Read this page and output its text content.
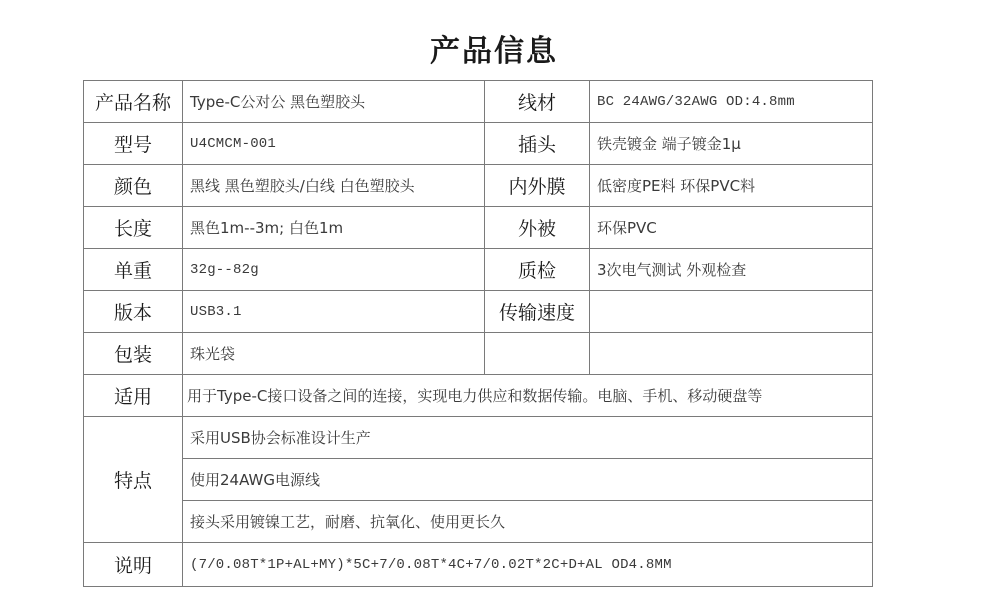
产品信息
产品名称	Type-C公对公 黑色塑胶头	线材	BC 24AWG/32AWG OD:4.8mm
型号	U4CMCM-001	插头	铁壳镀金 端子镀金1μ
颜色	黑线 黑色塑胶头/白线 白色塑胶头	内外膜	低密度PE料 环保PVC料
长度	黑色1m--3m; 白色1m	外被	环保PVC
单重	32g--82g	质检	3次电气测试 外观检查
版本	USB3.1	传输速度	
包装	珠光袋		
适用	用于Type-C接口设备之间的连接，实现电力供应和数据传输。电脑、手机、移动硬盘等		
特点	采用USB协会标准设计生产		
	使用24AWG电源线		
	接头采用镀镍工艺，耐磨、抗氧化、使用更长久		
说明	(7/0.08T*1P+AL+MY)*5C+7/0.08T*4C+7/0.02T*2C+D+AL OD4.8MM		
